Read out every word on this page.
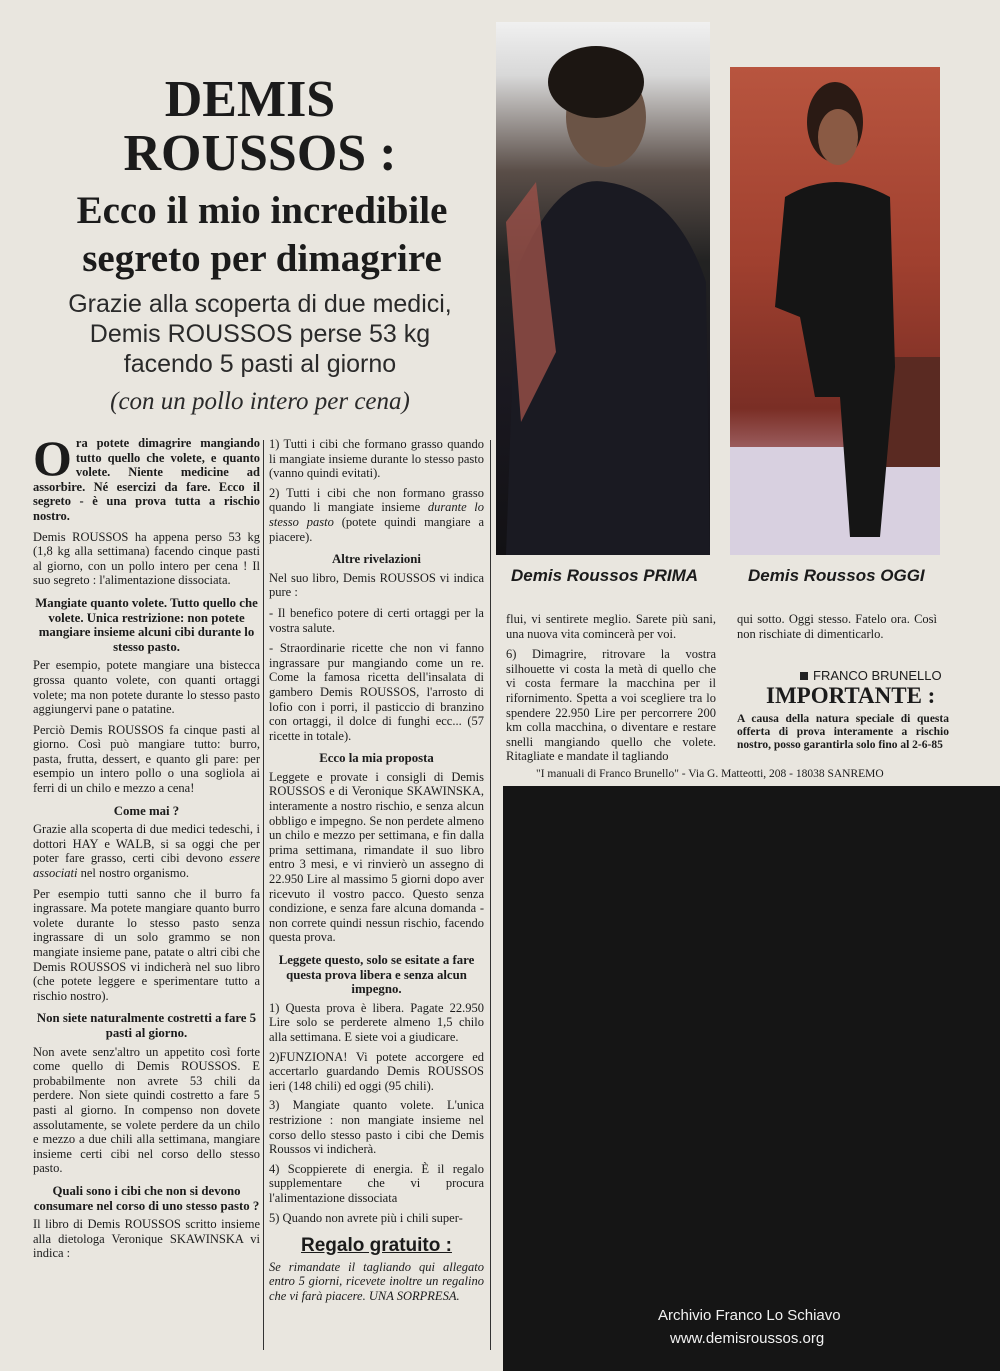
DEMIS
ROUSSOS :
Ecco il mio incredibile
segreto per dimagrire
Grazie alla scoperta di due medici,
Demis ROUSSOS perse 53 kg
facendo 5 pasti al giorno
(con un pollo intero per cena)
Demis Roussos PRIMA	Demis Roussos OGGI

Ora potete dimagrire mangiando tutto quello che volete, e quanto volete. Niente medicine ad assorbire. Né esercizi da fare. Ecco il segreto - è una prova tutta a rischio nostro.

Demis ROUSSOS ha appena perso 53 kg (1,8 kg alla settimana) facendo cinque pasti al giorno, con un pollo intero per cena ! Il suo segreto : l'alimentazione dissociata.

Mangiate quanto volete. Tutto quello che volete. Unica restrizione: non potete mangiare insieme alcuni cibi durante lo stesso pasto.

Per esempio, potete mangiare una bistecca grossa quanto volete, con quanti ortaggi volete; ma non potete durante lo stesso pasto aggiungervi pane o patatine.

Perciò Demis ROUSSOS fa cinque pasti al giorno. Così può mangiare tutto: burro, pasta, frutta, dessert, e quanto gli pare: per esempio un intero pollo o una sogliola ai ferri di un chilo e mezzo a cena!

Come mai ?

Grazie alla scoperta di due medici tedeschi, i dottori HAY e WALB, si sa oggi che per poter fare grasso, certi cibi devono essere associati nel nostro organismo.

Per esempio tutti sanno che il burro fa ingrassare. Ma potete mangiare quanto burro volete durante lo stesso pasto senza ingrassare di un solo grammo se non mangiate insieme pane, patate o altri cibi che Demis ROUSSOS vi indicherà nel suo libro (che potete leggere e sperimentare tutto a rischio nostro).

Non siete naturalmente costretti a fare 5 pasti al giorno.

Non avete senz'altro un appetito così forte come quello di Demis ROUSSOS. E probabilmente non avrete 53 chili da perdere. Non siete quindi costretto a fare 5 pasti al giorno. In compenso non dovete assolutamente, se volete perdere da un chilo e mezzo a due chili alla settimana, mangiare insieme certi cibi nel corso dello stesso pasto.

Quali sono i cibi che non si devono consumare nel corso di uno stesso pasto ?

Il libro di Demis ROUSSOS scritto insieme alla dietologa Veronique SKAWINSKA vi indica :

1) Tutti i cibi che formano grasso quando li mangiate insieme durante lo stesso pasto (vanno quindi evitati).

2) Tutti i cibi che non formano grasso quando li mangiate insieme durante lo stesso pasto (potete quindi mangiare a piacere).

Altre rivelazioni

Nel suo libro, Demis ROUSSOS vi indica pure :

- Il benefico potere di certi ortaggi per la vostra salute.

- Straordinarie ricette che non vi fanno ingrassare pur mangiando come un re. Come la famosa ricetta dell'insalata di gambero Demis ROUSSOS, l'arrosto di lofio con i porri, il pasticcio di branzino con ortaggi, il dolce di funghi ecc... (57 ricette in totale).

Ecco la mia proposta

Leggete e provate i consigli di Demis ROUSSOS e di Veronique SKAWINSKA, interamente a nostro rischio, e senza alcun obbligo e impegno. Se non perdete almeno un chilo e mezzo per settimana, e fin dalla prima settimana, rimandate il suo libro entro 3 mesi, e vi rinvierò un assegno di 22.950 Lire al massimo 5 giorni dopo aver ricevuto il vostro pacco. Questo senza condizione, e senza fare alcuna domanda - non correte quindi nessun rischio, facendo questa prova.

Leggete questo, solo se esitate a fare questa prova libera e senza alcun impegno.

1) Questa prova è libera. Pagate 22.950 Lire solo se perderete almeno 1,5 chilo alla settimana. E siete voi a giudicare.

2)FUNZIONA! Vi potete accorgere ed accertarlo guardando Demis ROUSSOS ieri (148 chili) ed oggi (95 chili).

3) Mangiate quanto volete. L'unica restrizione : non mangiate insieme nel corso dello stesso pasto i cibi che Demis Roussos vi indicherà.

4) Scoppierete di energia. È il regalo supplementare che vi procura l'alimentazione dissociata

5) Quando non avrete più i chili super-

Regalo gratuito :

Se rimandate il tagliando qui allegato entro 5 giorni, ricevete inoltre un regalino che vi farà piacere. UNA SORPRESA.

flui, vi sentirete meglio. Sarete più sani, una nuova vita comincerà per voi.

6) Dimagrire, ritrovare la vostra silhouette vi costa la metà di quello che vi costa fermare la macchina per il rifornimento. Spetta a voi scegliere tra lo spendere 22.950 Lire per percorrere 200 km colla macchina, o diventare e restare snelli mangiando quello che volete. Ritagliate e mandate il tagliando

qui sotto. Oggi stesso. Fatelo ora. Così non rischiate di dimenticarlo.

FRANCO BRUNELLO
IMPORTANTE :
A causa della natura speciale di questa offerta di prova interamente a rischio nostro, posso garantirla solo fino al 2-6-85
"I manuali di Franco Brunello" - Via G. Matteotti, 208 - 18038 SANREMO
Archivio Franco Lo Schiavo
www.demisroussos.org
